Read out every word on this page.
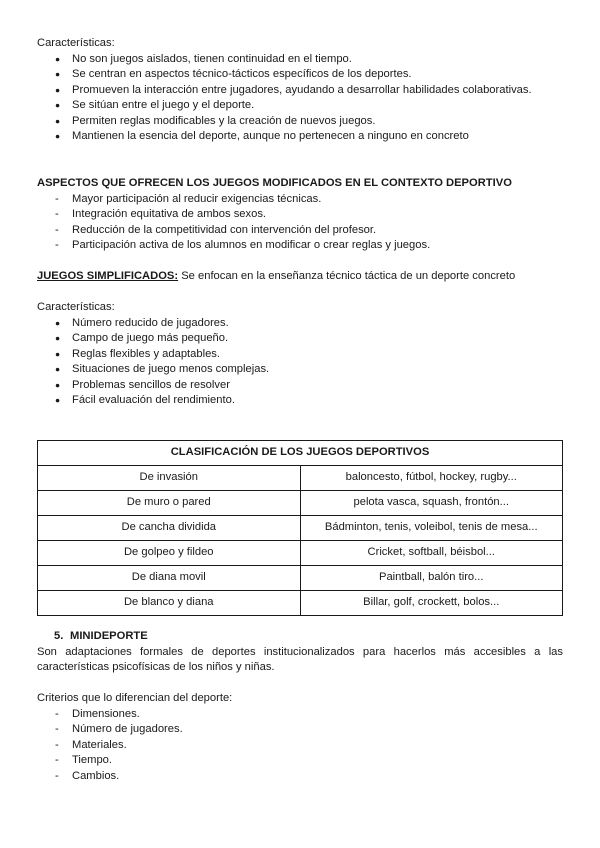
Características:

● No son juegos aislados, tienen continuidad en el tiempo.
● Se centran en aspectos técnico-tácticos específicos de los deportes.
● Promueven la interacción entre jugadores, ayudando a desarrollar habilidades colaborativas.
● Se sitúan entre el juego y el deporte.
● Permiten reglas modificables y la creación de nuevos juegos.
● Mantienen la esencia del deporte, aunque no pertenecen a ninguno en concreto

ASPECTOS QUE OFRECEN LOS JUEGOS MODIFICADOS EN EL CONTEXTO DEPORTIVO

- Mayor participación al reducir exigencias técnicas.
- Integración equitativa de ambos sexos.
- Reducción de la competitividad con intervención del profesor.
- Participación activa de los alumnos en modificar o crear reglas y juegos.

JUEGOS SIMPLIFICADOS: Se enfocan en la enseñanza técnico táctica de un deporte concreto

Características:

● Número reducido de jugadores.
● Campo de juego más pequeño.
● Reglas flexibles y adaptables.
● Situaciones de juego menos complejas.
● Problemas sencillos de resolver
● Fácil evaluación del rendimiento.
CLASIFICACIÓN DE LOS JUEGOS DEPORTIVOS	
De invasión	baloncesto, fútbol, hockey, rugby...
De muro o pared	pelota vasca, squash, frontón...
De cancha dividida	Bádminton, tenis, voleibol, tenis de mesa...
De golpeo y fildeo	Cricket, softball, béisbol...
De diana movil	Paintball, balón tiro...
De blanco y diana	Billar, golf, crockett, bolos...

5. MINIDEPORTE

Son adaptaciones formales de deportes institucionalizados para hacerlos más accesibles a las características psicofísicas de los niños y niñas.

Criterios que lo diferencian del deporte:

- Dimensiones.
- Número de jugadores.
- Materiales.
- Tiempo.
- Cambios.
